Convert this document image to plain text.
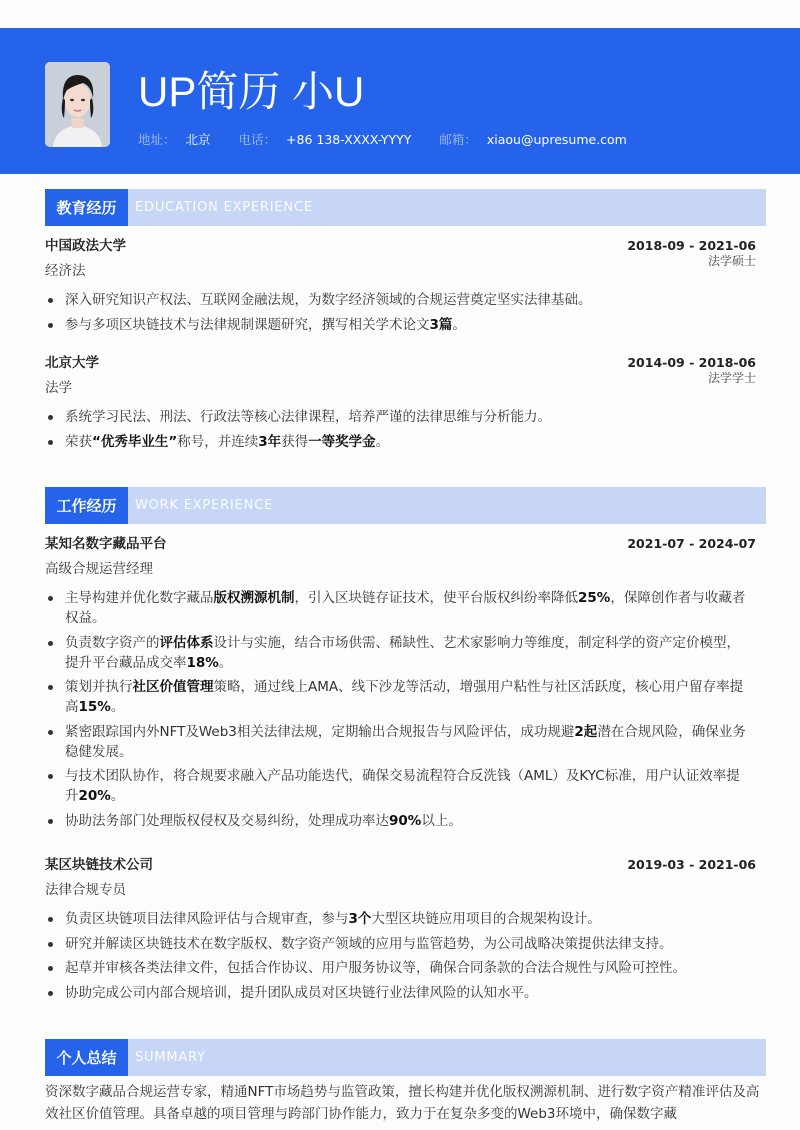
UP简历 小U
地址： 北京 电话： +86 138-XXXX-YYYY 邮箱： xiaou@upresume.com
教育经历	EDUCATION EXPERIENCE
中国政法大学	2018-09 - 2021-06
经济法
法学硕士
深入研究知识产权法、互联网金融法规，为数字经济领域的合规运营奠定坚实法律基础。
参与多项区块链技术与法律规制课题研究，撰写相关学术论文3篇。
北京大学	2014-09 - 2018-06
法学
法学学士
系统学习民法、刑法、行政法等核心法律课程，培养严谨的法律思维与分析能力。
荣获“优秀毕业生”称号，并连续3年获得一等奖学金。
工作经历	WORK EXPERIENCE
某知名数字藏品平台	2021-07 - 2024-07
高级合规运营经理
主导构建并优化数字藏品版权溯源机制，引入区块链存证技术，使平台版权纠纷率降低25%，保障创作者与收藏者权益。
负责数字资产的评估体系设计与实施，结合市场供需、稀缺性、艺术家影响力等维度，制定科学的资产定价模型，提升平台藏品成交率18%。
策划并执行社区价值管理策略，通过线上AMA、线下沙龙等活动，增强用户粘性与社区活跃度，核心用户留存率提高15%。
紧密跟踪国内外NFT及Web3相关法律法规，定期输出合规报告与风险评估，成功规避2起潜在合规风险，确保业务稳健发展。
与技术团队协作，将合规要求融入产品功能迭代，确保交易流程符合反洗钱（AML）及KYC标准，用户认证效率提升20%。
协助法务部门处理版权侵权及交易纠纷，处理成功率达90%以上。
某区块链技术公司	2019-03 - 2021-06
法律合规专员
负责区块链项目法律风险评估与合规审查，参与3个大型区块链应用项目的合规架构设计。
研究并解读区块链技术在数字版权、数字资产领域的应用与监管趋势，为公司战略决策提供法律支持。
起草并审核各类法律文件，包括合作协议、用户服务协议等，确保合同条款的合法合规性与风险可控性。
协助完成公司内部合规培训，提升团队成员对区块链行业法律风险的认知水平。
个人总结	SUMMARY
资深数字藏品合规运营专家，精通NFT市场趋势与监管政策，擅长构建并优化版权溯源机制、进行数字资产精准评估及高效社区价值管理。具备卓越的项目管理与跨部门协作能力，致力于在复杂多变的Web3环境中，确保数字藏
